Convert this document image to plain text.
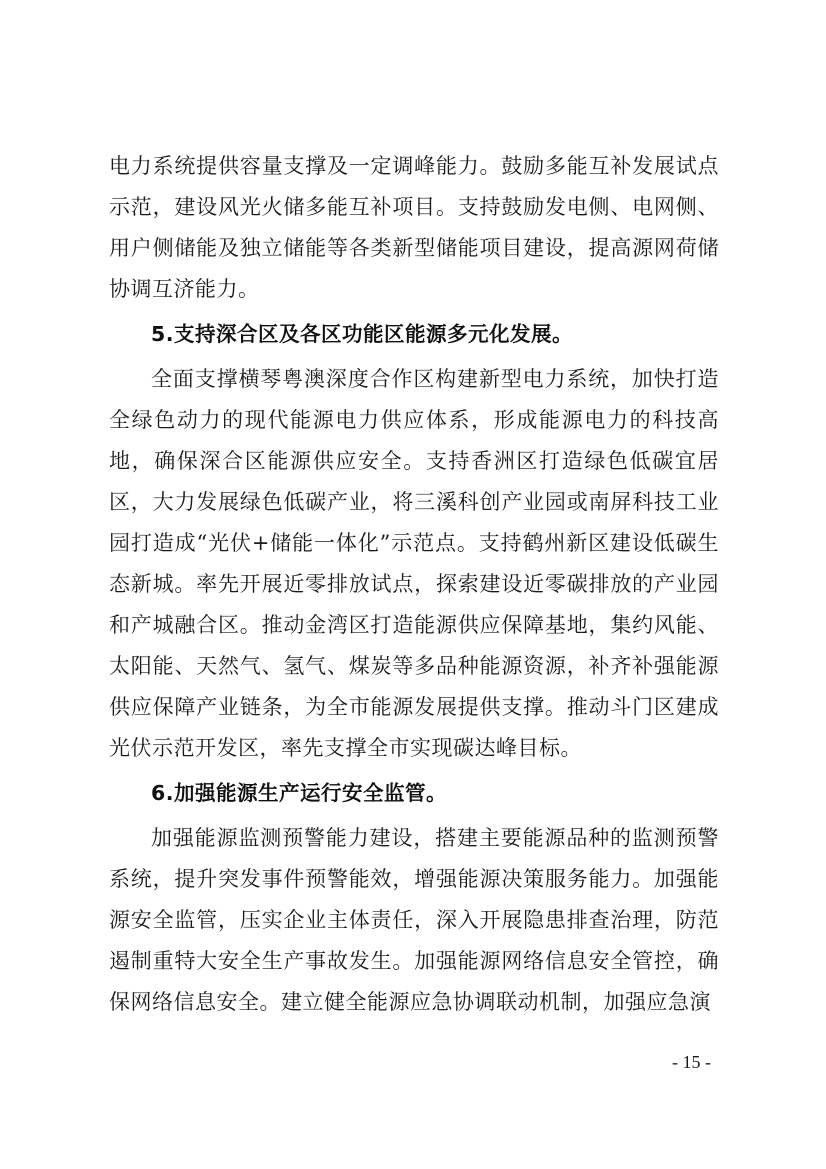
电力系统提供容量支撑及一定调峰能力。鼓励多能互补发展试点示范，建设风光火储多能互补项目。支持鼓励发电侧、电网侧、用户侧储能及独立储能等各类新型储能项目建设，提高源网荷储协调互济能力。

5.支持深合区及各区功能区能源多元化发展。

全面支撑横琴粤澳深度合作区构建新型电力系统，加快打造全绿色动力的现代能源电力供应体系，形成能源电力的科技高地，确保深合区能源供应安全。支持香洲区打造绿色低碳宜居区，大力发展绿色低碳产业，将三溪科创产业园或南屏科技工业园打造成“光伏+储能一体化”示范点。支持鹤州新区建设低碳生态新城。率先开展近零排放试点，探索建设近零碳排放的产业园和产城融合区。推动金湾区打造能源供应保障基地，集约风能、太阳能、天然气、氢气、煤炭等多品种能源资源，补齐补强能源供应保障产业链条，为全市能源发展提供支撑。推动斗门区建成光伏示范开发区，率先支撑全市实现碳达峰目标。

6.加强能源生产运行安全监管。

加强能源监测预警能力建设，搭建主要能源品种的监测预警系统，提升突发事件预警能效，增强能源决策服务能力。加强能源安全监管，压实企业主体责任，深入开展隐患排查治理，防范遏制重特大安全生产事故发生。加强能源网络信息安全管控，确保网络信息安全。建立健全能源应急协调联动机制，加强应急演

- 15 -
